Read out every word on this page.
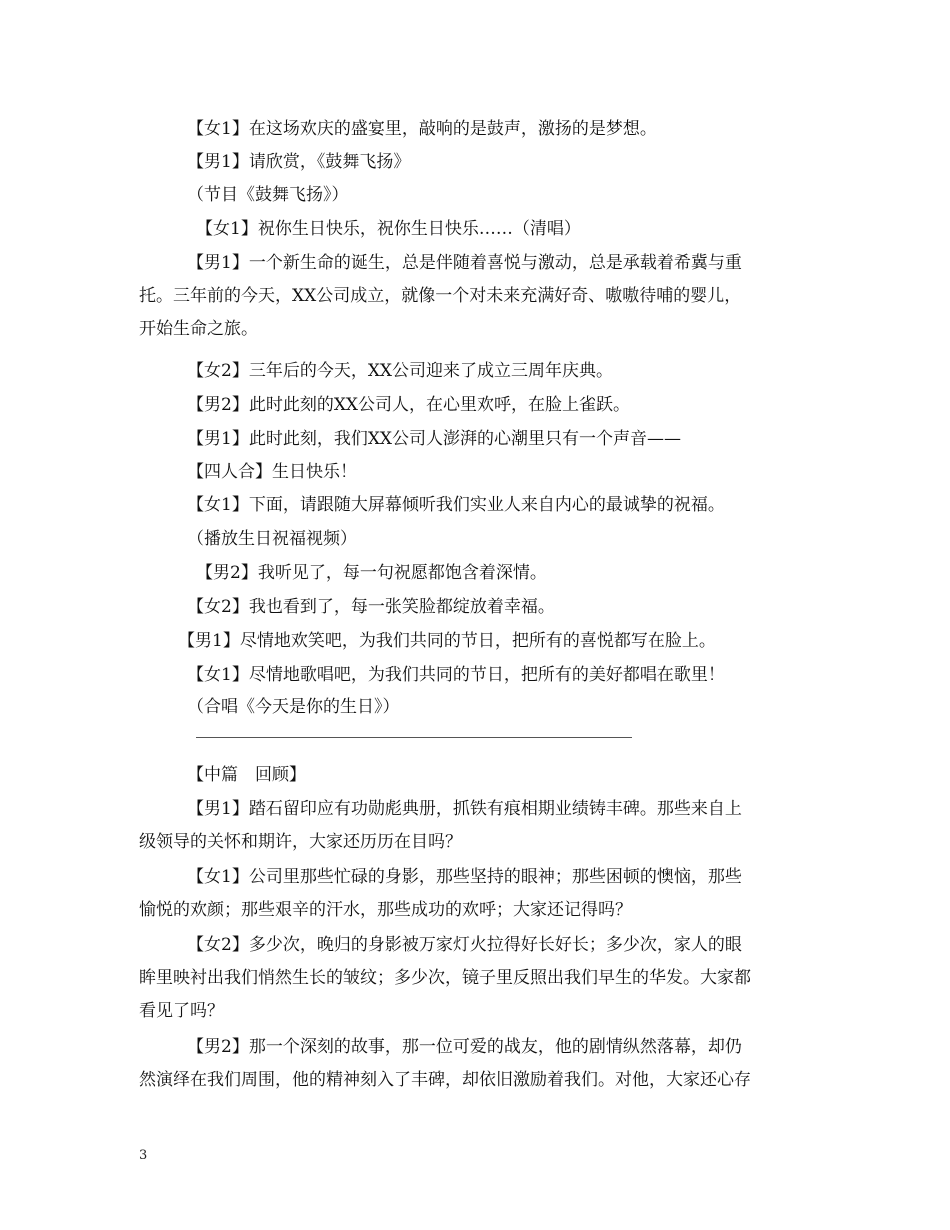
【女1】在这场欢庆的盛宴里，敲响的是鼓声，激扬的是梦想。
【男1】请欣赏，《鼓舞飞扬》
（节目《鼓舞飞扬》）
【女1】祝你生日快乐，祝你生日快乐……（清唱）
【男1】一个新生命的诞生，总是伴随着喜悦与激动，总是承载着希冀与重
托。三年前的今天，XX公司成立，就像一个对未来充满好奇、嗷嗷待哺的婴儿，
开始生命之旅。
【女2】三年后的今天，XX公司迎来了成立三周年庆典。
【男2】此时此刻的XX公司人，在心里欢呼，在脸上雀跃。
【男1】此时此刻，我们XX公司人澎湃的心潮里只有一个声音——
【四人合】生日快乐！
【女1】下面，请跟随大屏幕倾听我们实业人来自内心的最诚挚的祝福。
（播放生日祝福视频）
【男2】我听见了，每一句祝愿都饱含着深情。
【女2】我也看到了，每一张笑脸都绽放着幸福。
【男1】尽情地欢笑吧，为我们共同的节日，把所有的喜悦都写在脸上。
【女1】尽情地歌唱吧，为我们共同的节日，把所有的美好都唱在歌里！
（合唱《今天是你的生日》）
【中篇　回顾】
【男1】踏石留印应有功勋彪典册，抓铁有痕相期业绩铸丰碑。那些来自上
级领导的关怀和期许，大家还历历在目吗？
【女1】公司里那些忙碌的身影，那些坚持的眼神；那些困顿的懊恼，那些
愉悦的欢颜；那些艰辛的汗水，那些成功的欢呼；大家还记得吗？
【女2】多少次，晚归的身影被万家灯火拉得好长好长；多少次，家人的眼
眸里映衬出我们悄然生长的皱纹；多少次，镜子里反照出我们早生的华发。大家都
看见了吗？
【男2】那一个深刻的故事，那一位可爱的战友，他的剧情纵然落幕，却仍
然演绎在我们周围，他的精神刻入了丰碑，却依旧激励着我们。对他，大家还心存
3
